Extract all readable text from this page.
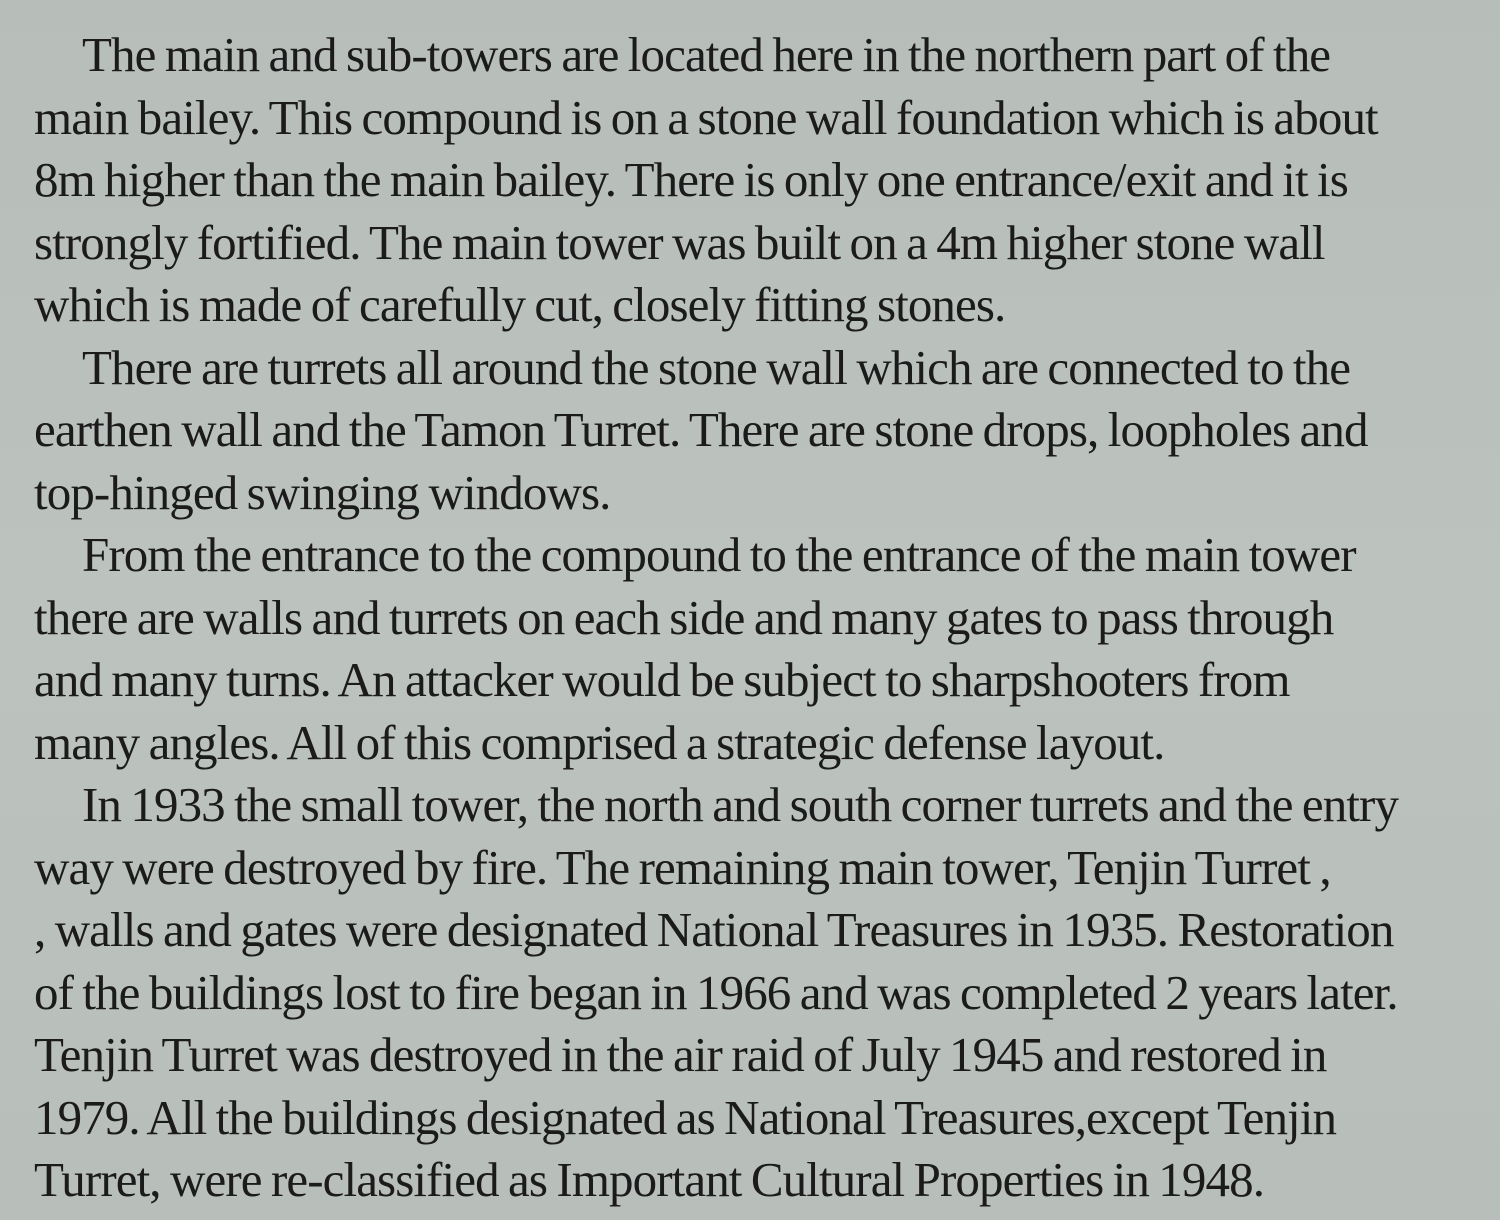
The main and sub-towers are located here in the northern part of the
main bailey. This compound is on a stone wall foundation which is about
8m higher than the main bailey. There is only one entrance/exit and it is
strongly fortified. The main tower was built on a 4m higher stone wall
which is made of carefully cut, closely fitting stones.
There are turrets all around the stone wall which are connected to the
earthen wall and the Tamon Turret. There are stone drops, loopholes and
top-hinged swinging windows.
From the entrance to the compound to the entrance of the main tower
there are walls and turrets on each side and many gates to pass through
and many turns. An attacker would be subject to sharpshooters from
many angles. All of this comprised a strategic defense layout.
In 1933 the small tower, the north and south corner turrets and the entry
way were destroyed by fire. The remaining main tower, Tenjin Turret ,
, walls and gates were designated National Treasures in 1935. Restoration
of the buildings lost to fire began in 1966 and was completed 2 years later.
Tenjin Turret was destroyed in the air raid of July 1945 and restored in
1979. All the buildings designated as National Treasures,except Tenjin
Turret, were re-classified as Important Cultural Properties in 1948.
